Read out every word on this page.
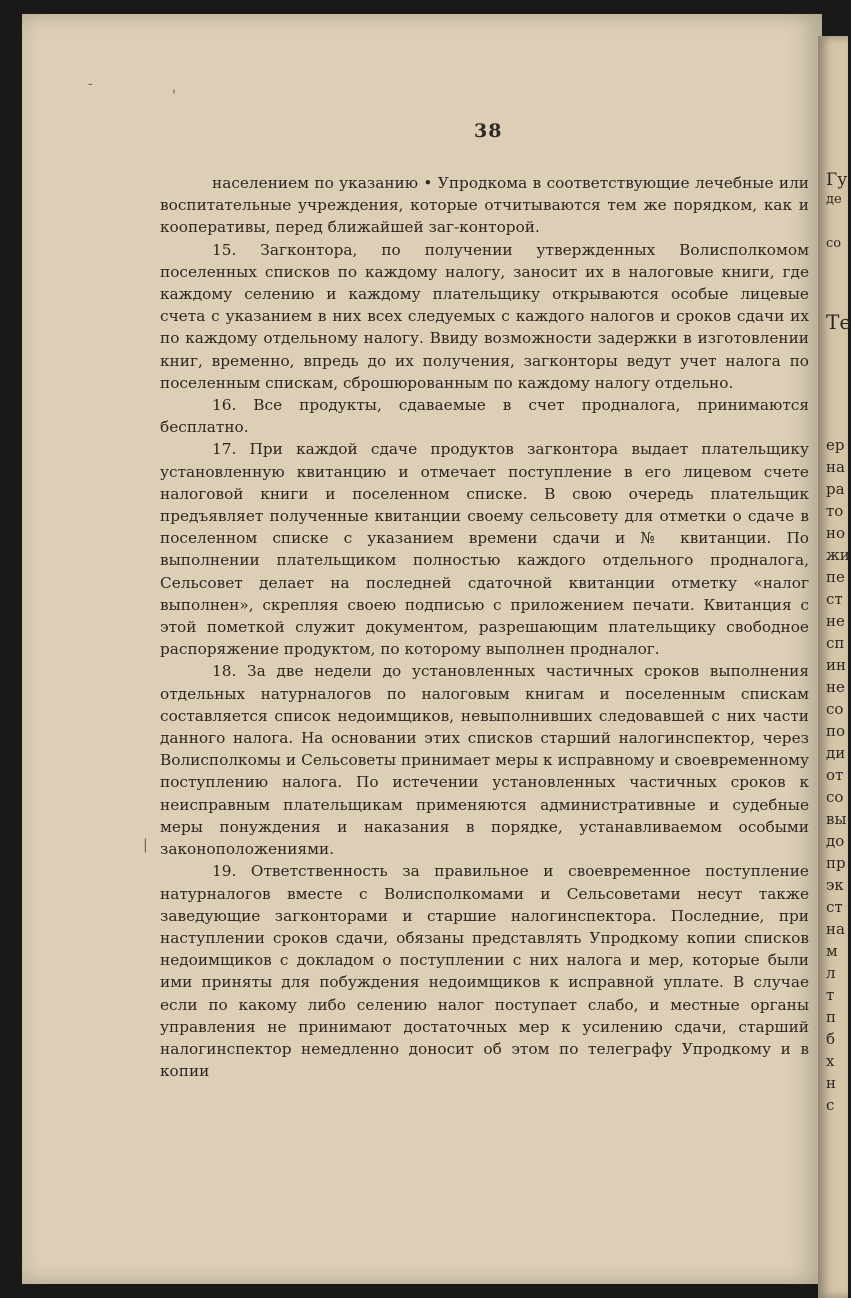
-
'
|
38

населением по указанию • Упродкома в соответствующие лечебные или воспитательные учреждения, которые отчитываются тем же порядком, как и кооперативы, перед ближайшей заг-конторой.

15. Загконтора, по получении утвержденных Волисполкомом поселенных списков по каждому налогу, заносит их в налоговые книги, где каждому селению и каждому плательщику открываются особые лицевые счета с указанием в них всех следуемых с каждого налогов и сроков сдачи их по каждому отдельному налогу. Ввиду возможности задержки в изготовлении книг, временно, впредь до их получения, загконторы ведут учет налога по поселенным спискам, сброшюрованным по каждому налогу отдельно.

16. Все продукты, сдаваемые в счет продналога, принимаются бесплатно.

17. При каждой сдаче продуктов загконтора выдает плательщику установленную квитанцию и отмечает поступление в его лицевом счете налоговой книги и поселенном списке. В свою очередь плательщик предъявляет полученные квитанции своему сельсовету для отметки о сдаче в поселенном списке с указанием времени сдачи и № квитанции. По выполнении плательщиком полностью каждого отдельного продналога, Сельсовет делает на последней сдаточной квитанции отметку «налог выполнен», скрепляя своею подписью с приложением печати. Квитанция с этой пометкой служит документом, разрешающим плательщику свободное распоряжение продуктом, по которому выполнен продналог.

18. За две недели до установленных частичных сроков выполнения отдельных натурналогов по налоговым книгам и поселенным спискам составляется список недоимщиков, невыполнивших следовавшей с них части данного налога. На основании этих списков старший налогинспектор, через Волисполкомы и Сельсоветы принимает меры к исправному и своевременному поступлению налога. По истечении установленных частичных сроков к неисправным плательщикам применяются административные и судебные меры понуждения и наказания в порядке, устанавливаемом особыми законоположениями.

19. Ответственность за правильное и своевременное поступление натурналогов вместе с Волисполкомами и Сельсоветами несут также заведующие загконторами и старшие налогинспектора. Последние, при наступлении сроков сдачи, обязаны представлять Упродкому копии списков недоимщиков с докладом о поступлении с них налога и мер, которые были ими приняты для побуждения недоимщиков к исправной уплате. В случае если по какому либо селению налог поступает слабо, и местные органы управления не принимают достаточных мер к усилению сдачи, старший налогинспектор немедленно доносит об этом по телеграфу Упродкому и в копии

Гу
де
со
Те
ер
на
ра
то
но
жи
пе
ст
не
сп
ин
не
со
по
ди
от
со
вы
до
пр
эк
ст
на
м
л
т
п
б
х
н
с
